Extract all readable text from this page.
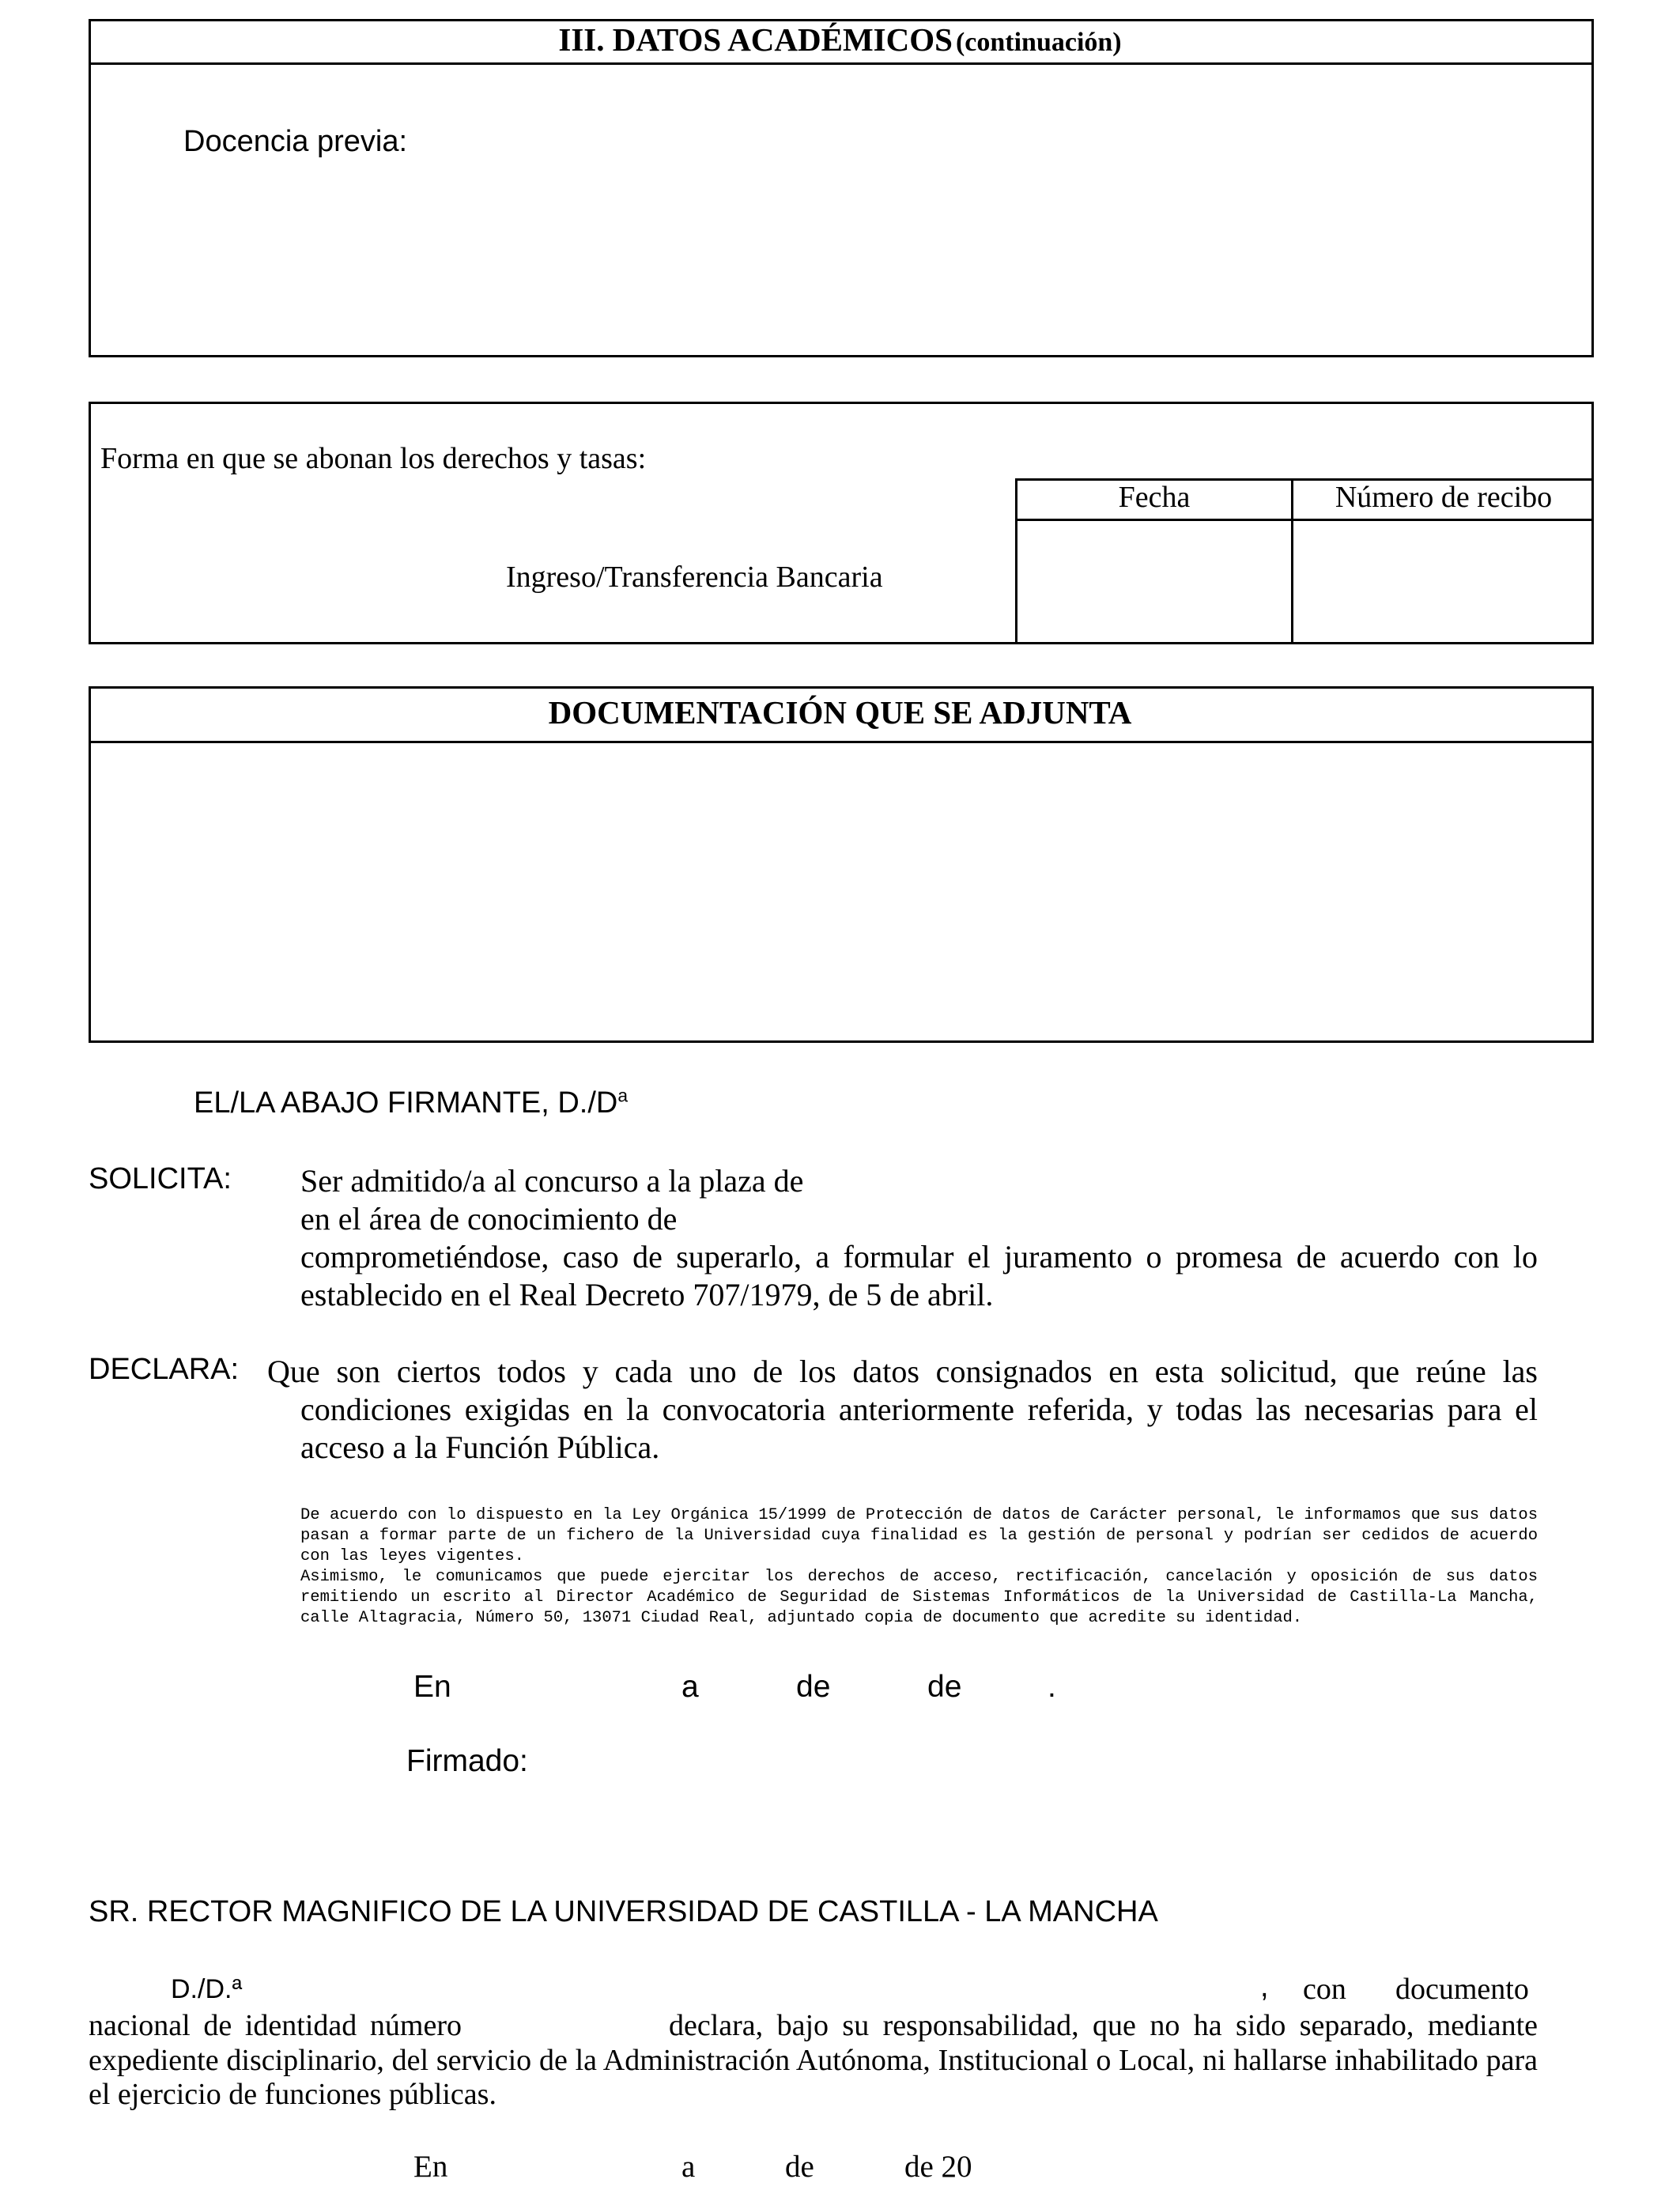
III. DATOS ACADÉMICOS (continuación)
Docencia previa:
Forma en que se abonan los derechos y tasas:
Ingreso/Transferencia Bancaria
Fecha	Número de recibo
DOCUMENTACIÓN QUE SE ADJUNTA
EL/LA ABAJO FIRMANTE, $D./D^a$
SOLICITA: Ser admitido/a al concurso a la plaza de
en el área de conocimiento de
comprometiéndose, caso de superarlo, a formular el juramento o promesa de acuerdo con lo
establecido en el Real Decreto 707/1979, de 5 de abril.
DECLARA: Que son ciertos todos y cada uno de los datos consignados en esta solicitud, que reúne las
condiciones exigidas en la convocatoria anteriormente referida, y todas las necesarias para el
acceso a la Función Pública.

De acuerdo con lo dispuesto en la Ley Orgánica 15/1999 de Protección de datos de Carácter personal, le informamos que sus datos pasan a formar parte de un fichero de la Universidad cuya finalidad es la gestión de personal y podrían ser cedidos de acuerdo con las leyes vigentes.

Asimismo, le comunicamos que puede ejercitar los derechos de acceso, rectificación, cancelación y oposición de sus datos remitiendo un escrito al Director Académico de Seguridad de Sistemas Informáticos de la Universidad de Castilla-La Mancha, calle Altagracia, Número 50, 13071 Ciudad Real, adjuntado copia de documento que acredite su identidad.

En	a	de	de	.
Firmado:
SR. RECTOR MAGNIFICO DE LA UNIVERSIDAD DE CASTILLA - LA MANCHA
D./D.ª	, con documento
nacional de identidad número	declara, bajo su responsabilidad, que no ha sido separado, mediante
expediente disciplinario, del servicio de la Administración Autónoma, Institucional o Local, ni hallarse inhabilitado para
el ejercicio de funciones públicas.
En	a	de	de 20
